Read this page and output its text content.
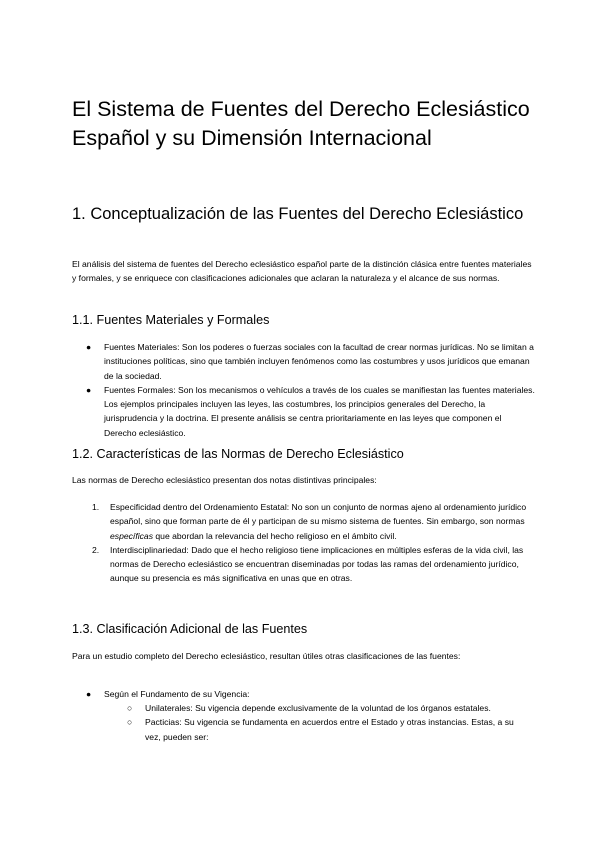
El Sistema de Fuentes del Derecho Eclesiástico Español y su Dimensión Internacional
1. Conceptualización de las Fuentes del Derecho Eclesiástico

El análisis del sistema de fuentes del Derecho eclesiástico español parte de la distinción clásica entre fuentes materiales y formales, y se enriquece con clasificaciones adicionales que aclaran la naturaleza y el alcance de sus normas.

1.1. Fuentes Materiales y Formales
● Fuentes Materiales: Son los poderes o fuerzas sociales con la facultad de crear normas jurídicas. No se limitan a instituciones políticas, sino que también incluyen fenómenos como las costumbres y usos jurídicos que emanan de la sociedad.
● Fuentes Formales: Son los mecanismos o vehículos a través de los cuales se manifiestan las fuentes materiales. Los ejemplos principales incluyen las leyes, las costumbres, los principios generales del Derecho, la jurisprudencia y la doctrina. El presente análisis se centra prioritariamente en las leyes que componen el Derecho eclesiástico.
1.2. Características de las Normas de Derecho Eclesiástico

Las normas de Derecho eclesiástico presentan dos notas distintivas principales:

1. Especificidad dentro del Ordenamiento Estatal: No son un conjunto de normas ajeno al ordenamiento jurídico español, sino que forman parte de él y participan de su mismo sistema de fuentes. Sin embargo, son normas específicas que abordan la relevancia del hecho religioso en el ámbito civil.
2. Interdisciplinariedad: Dado que el hecho religioso tiene implicaciones en múltiples esferas de la vida civil, las normas de Derecho eclesiástico se encuentran diseminadas por todas las ramas del ordenamiento jurídico, aunque su presencia es más significativa en unas que en otras.
1.3. Clasificación Adicional de las Fuentes

Para un estudio completo del Derecho eclesiástico, resultan útiles otras clasificaciones de las fuentes:

● Según el Fundamento de su Vigencia:
○ Unilaterales: Su vigencia depende exclusivamente de la voluntad de los órganos estatales.
○ Pacticias: Su vigencia se fundamenta en acuerdos entre el Estado y otras instancias. Estas, a su vez, pueden ser:
